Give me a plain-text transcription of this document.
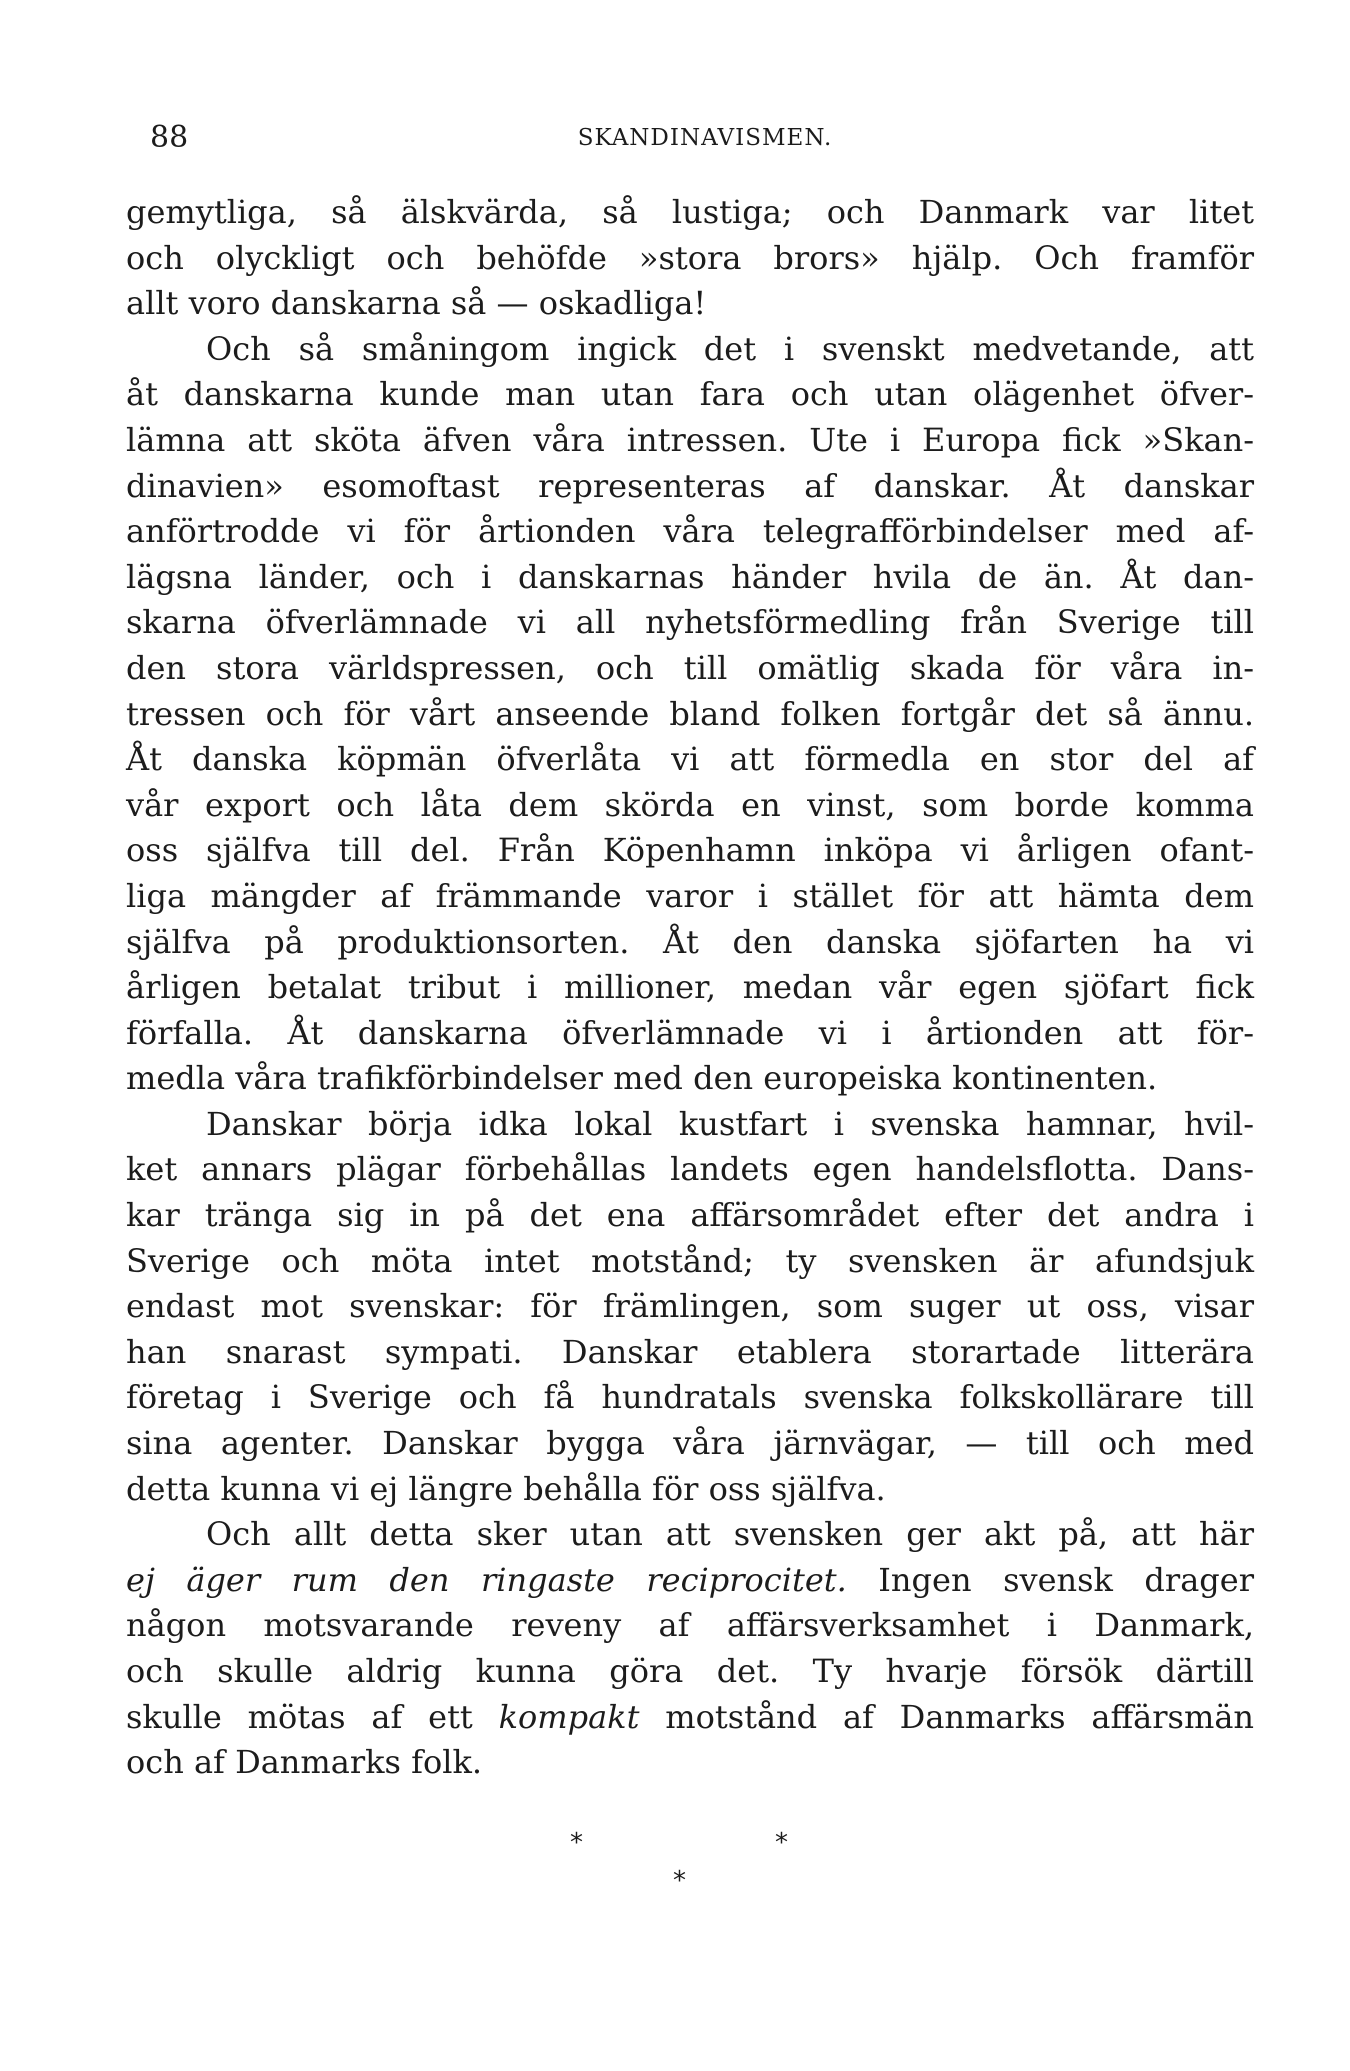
88	SKANDINAVISMEN.
gemytliga, så älskvärda, så lustiga; och Danmark var litet
och olyckligt och behöfde »stora brors» hjälp. Och framför
allt voro danskarna så — oskadliga!
Och så småningom ingick det i svenskt medvetande, att
åt danskarna kunde man utan fara och utan olägenhet öfver-
lämna att sköta äfven våra intressen. Ute i Europa fick »Skan-
dinavien» esomoftast representeras af danskar. Åt danskar
anförtrodde vi för årtionden våra telegrafförbindelser med af-
lägsna länder, och i danskarnas händer hvila de än. Åt dan-
skarna öfverlämnade vi all nyhetsförmedling från Sverige till
den stora världspressen, och till omätlig skada för våra in-
tressen och för vårt anseende bland folken fortgår det så ännu.
Åt danska köpmän öfverlåta vi att förmedla en stor del af
vår export och låta dem skörda en vinst, som borde komma
oss själfva till del. Från Köpenhamn inköpa vi årligen ofant-
liga mängder af främmande varor i stället för att hämta dem
själfva på produktionsorten. Åt den danska sjöfarten ha vi
årligen betalat tribut i millioner, medan vår egen sjöfart fick
förfalla. Åt danskarna öfverlämnade vi i årtionden att för-
medla våra trafikförbindelser med den europeiska kontinenten.
Danskar börja idka lokal kustfart i svenska hamnar, hvil-
ket annars plägar förbehållas landets egen handelsflotta. Dans-
kar tränga sig in på det ena affärsområdet efter det andra i
Sverige och möta intet motstånd; ty svensken är afundsjuk
endast mot svenskar: för främlingen, som suger ut oss, visar
han snarast sympati. Danskar etablera storartade litterära
företag i Sverige och få hundratals svenska folkskollärare till
sina agenter. Danskar bygga våra järnvägar, — till och med
detta kunna vi ej längre behålla för oss själfva.
Och allt detta sker utan att svensken ger akt på, att här
ej äger rum den ringaste reciprocitet. Ingen svensk drager
någon motsvarande reveny af affärsverksamhet i Danmark,
och skulle aldrig kunna göra det. Ty hvarje försök därtill
skulle mötas af ett kompakt motstånd af Danmarks affärsmän
och af Danmarks folk.
*	*
*
